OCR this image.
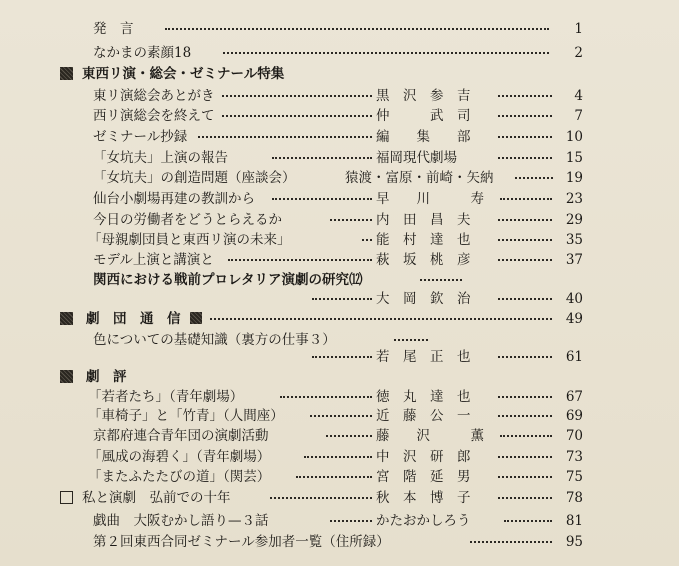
発　言	1
なかまの素顔18	2
東西リ演・総会・ゼミナール特集
東リ演総会あとがき	黒　沢　参　吉	4
西リ演総会を終えて	仲　　　武　司	7
ゼミナール抄録	編　　集　　部	10
「女坑夫」上演の報告	福岡現代劇場	15
「女坑夫」の創造問題（座談会）	猿渡・富原・前崎・矢納	19
仙台小劇場再建の教訓から	早　　川　　　寿	23
今日の労働者をどうとらえるか	内　田　昌　夫	29
「母親劇団員と東西リ演の未来」	能　村　達　也	35
モデル上演と講演と	萩　坂　桃　彦	37
関西における戦前プロレタリア演劇の研究⑿
大　岡　欽　治	40
劇　団　通　信	49
色についての基礎知識（裏方の仕事３）
若　尾　正　也	61
劇　評
「若者たち」（青年劇場）	徳　丸　達　也	67
「車椅子」と「竹青」（人間座）	近　藤　公　一	69
京都府連合青年団の演劇活動	藤　　沢　　　薫	70
「風成の海碧く」（青年劇場）	中　沢　研　郎	73
「またふたたびの道」（関芸）	宮　階　延　男	75
私と演劇　弘前での十年	秋　本　博　子	78
戯曲　大阪むかし語り—３話	かたおかしろう	81
第２回東西合同ゼミナール参加者一覧（住所録）	95
